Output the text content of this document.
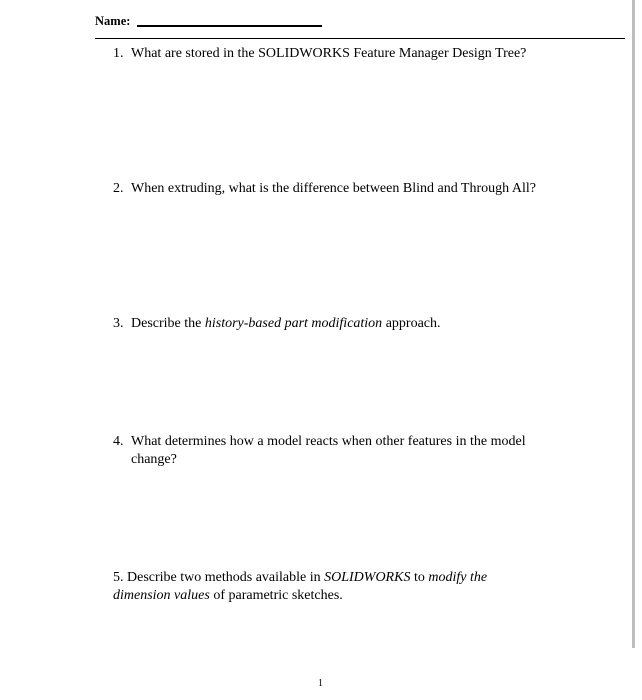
Name:
1. What are stored in the SOLIDWORKS Feature Manager Design Tree?
2. When extruding, what is the difference between Blind and Through All?
3. Describe the history-based part modification approach.
4. What determines how a model reacts when other features in the model
change?
5. Describe two methods available in SOLIDWORKS to modify the
dimension values of parametric sketches.
1
